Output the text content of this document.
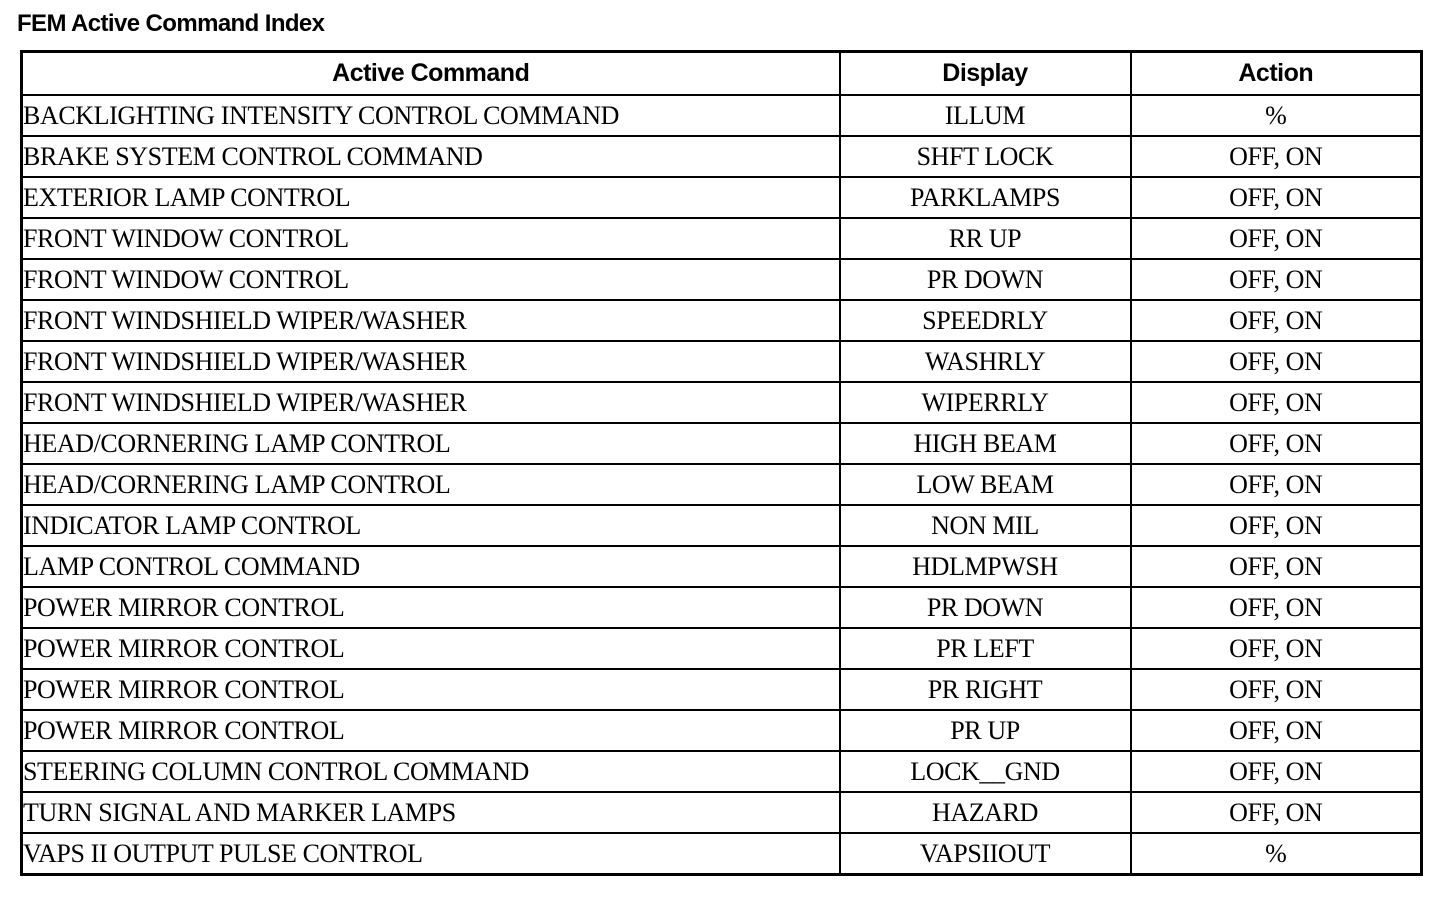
FEM Active Command Index
Active Command	Display	Action
BACKLIGHTING INTENSITY CONTROL COMMAND	ILLUM	%
BRAKE SYSTEM CONTROL COMMAND	SHFT LOCK	OFF, ON
EXTERIOR LAMP CONTROL	PARKLAMPS	OFF, ON
FRONT WINDOW CONTROL	RR UP	OFF, ON
FRONT WINDOW CONTROL	PR DOWN	OFF, ON
FRONT WINDSHIELD WIPER/WASHER	SPEEDRLY	OFF, ON
FRONT WINDSHIELD WIPER/WASHER	WASHRLY	OFF, ON
FRONT WINDSHIELD WIPER/WASHER	WIPERRLY	OFF, ON
HEAD/CORNERING LAMP CONTROL	HIGH BEAM	OFF, ON
HEAD/CORNERING LAMP CONTROL	LOW BEAM	OFF, ON
INDICATOR LAMP CONTROL	NON MIL	OFF, ON
LAMP CONTROL COMMAND	HDLMPWSH	OFF, ON
POWER MIRROR CONTROL	PR DOWN	OFF, ON
POWER MIRROR CONTROL	PR LEFT	OFF, ON
POWER MIRROR CONTROL	PR RIGHT	OFF, ON
POWER MIRROR CONTROL	PR UP	OFF, ON
STEERING COLUMN CONTROL COMMAND	LOCK__GND	OFF, ON
TURN SIGNAL AND MARKER LAMPS	HAZARD	OFF, ON
VAPS II OUTPUT PULSE CONTROL	VAPSIIOUT	%
